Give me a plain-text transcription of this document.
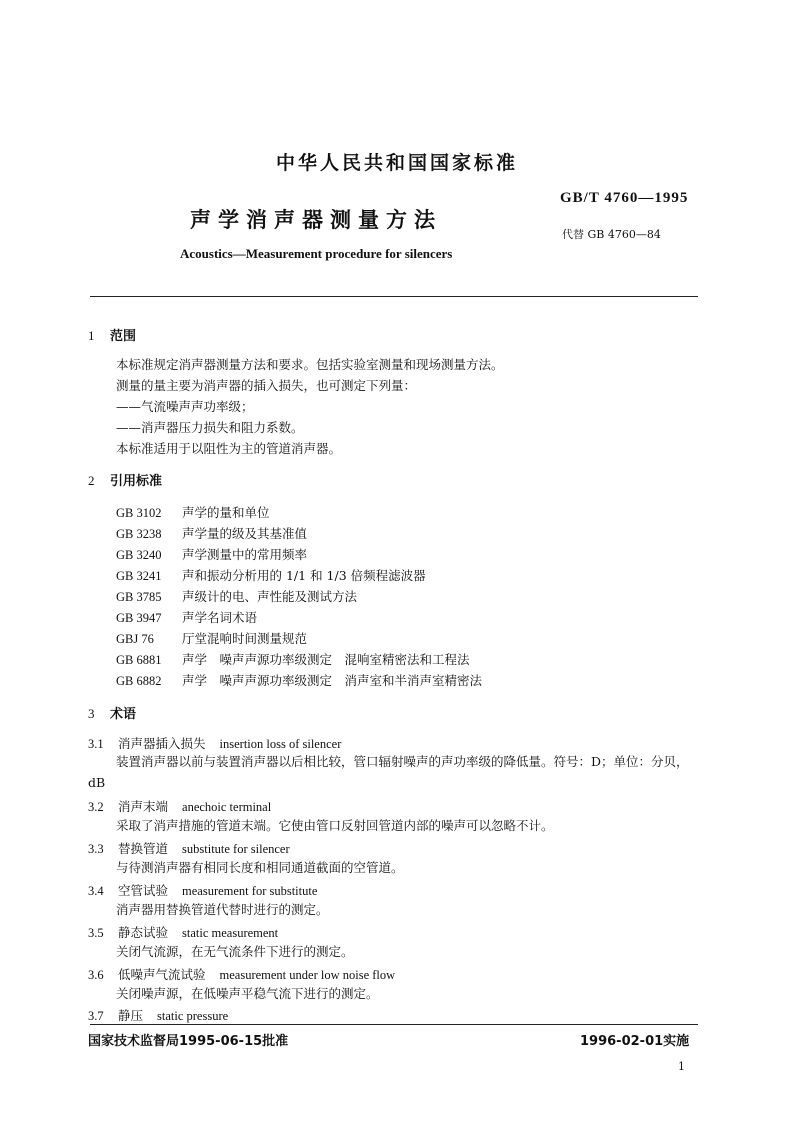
中华人民共和国国家标准
GB/T 4760—1995
声学消声器测量方法
代替 GB 4760—84
Acoustics—Measurement procedure for silencers
1 范围
本标准规定消声器测量方法和要求。包括实验室测量和现场测量方法。
测量的量主要为消声器的插入损失，也可测定下列量：
——气流噪声声功率级；
——消声器压力损失和阻力系数。
本标准适用于以阻性为主的管道消声器。
2 引用标准
GB 3102 声学的量和单位
GB 3238 声学量的级及其基准值
GB 3240 声学测量中的常用频率
GB 3241 声和振动分析用的 1/1 和 1/3 倍频程滤波器
GB 3785 声级计的电、声性能及测试方法
GB 3947 声学名词术语
GBJ 76 厅堂混响时间测量规范
GB 6881 声学　噪声声源功率级测定　混响室精密法和工程法
GB 6882 声学　噪声声源功率级测定　消声室和半消声室精密法
3 术语
3.1 消声器插入损失 insertion loss of silencer
装置消声器以前与装置消声器以后相比较，管口辐射噪声的声功率级的降低量。符号：D；单位：分贝，dB
3.2 消声末端 anechoic terminal
采取了消声措施的管道末端。它使由管口反射回管道内部的噪声可以忽略不计。
3.3 替换管道 substitute for silencer
与待测消声器有相同长度和相同通道截面的空管道。
3.4 空管试验 measurement for substitute
消声器用替换管道代替时进行的测定。
3.5 静态试验 static measurement
关闭气流源，在无气流条件下进行的测定。
3.6 低噪声气流试验 measurement under low noise flow
关闭噪声源，在低噪声平稳气流下进行的测定。
3.7 静压 static pressure
国家技术监督局1995-06-15批准	1996-02-01实施
1
